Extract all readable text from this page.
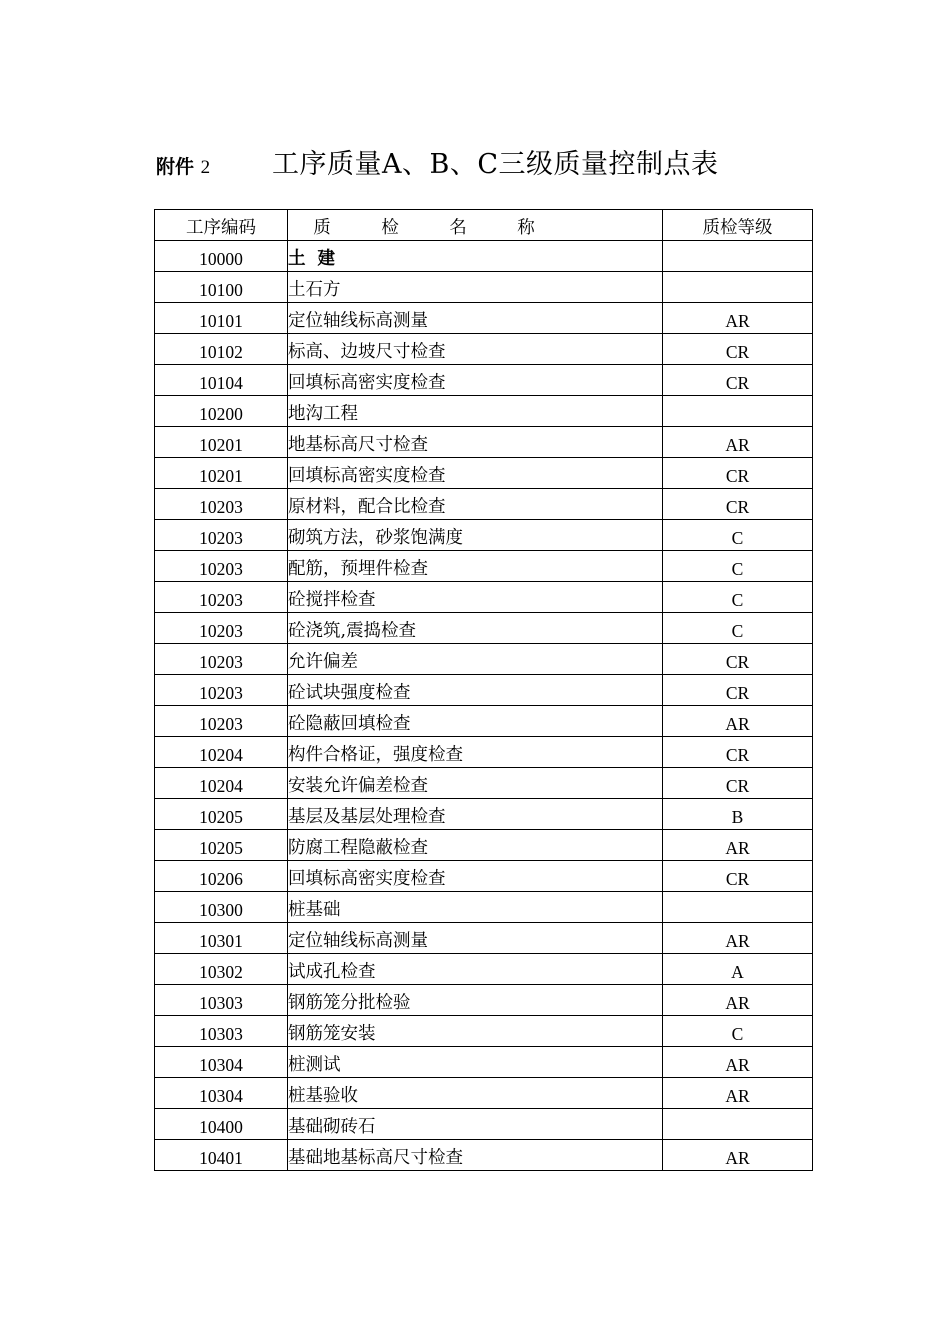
附件 2 工序质量A、B、C三级质量控制点表
工序编码	质 检 名 称	质检等级
10000	土建	
10100	土石方	
10101	定位轴线标高测量	AR
10102	标高、边坡尺寸检查	CR
10104	回填标高密实度检查	CR
10200	地沟工程	
10201	地基标高尺寸检查	AR
10201	回填标高密实度检查	CR
10203	原材料，配合比检查	CR
10203	砌筑方法，砂浆饱满度	C
10203	配筋，预埋件检查	C
10203	砼搅拌检查	C
10203	砼浇筑,震捣检查	C
10203	允许偏差	CR
10203	砼试块强度检查	CR
10203	砼隐蔽回填检查	AR
10204	构件合格证，强度检查	CR
10204	安装允许偏差检查	CR
10205	基层及基层处理检查	B
10205	防腐工程隐蔽检查	AR
10206	回填标高密实度检查	CR
10300	桩基础	
10301	定位轴线标高测量	AR
10302	试成孔检查	A
10303	钢筋笼分批检验	AR
10303	钢筋笼安装	C
10304	桩测试	AR
10304	桩基验收	AR
10400	基础砌砖石	
10401	基础地基标高尺寸检查	AR
